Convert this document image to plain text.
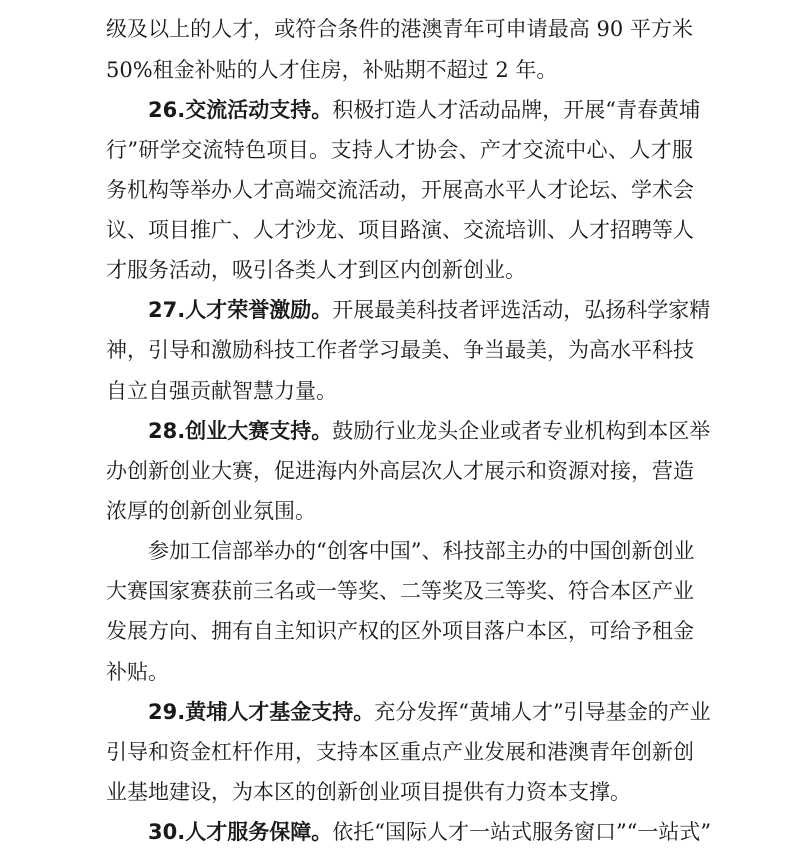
级及以上的人才，或符合条件的港澳青年可申请最高 90 平方米
50%租金补贴的人才住房，补贴期不超过 2 年。
26.交流活动支持。积极打造人才活动品牌，开展“青春黄埔
行”研学交流特色项目。支持人才协会、产才交流中心、人才服
务机构等举办人才高端交流活动，开展高水平人才论坛、学术会
议、项目推广、人才沙龙、项目路演、交流培训、人才招聘等人
才服务活动，吸引各类人才到区内创新创业。
27.人才荣誉激励。开展最美科技者评选活动，弘扬科学家精
神，引导和激励科技工作者学习最美、争当最美，为高水平科技
自立自强贡献智慧力量。
28.创业大赛支持。鼓励行业龙头企业或者专业机构到本区举
办创新创业大赛，促进海内外高层次人才展示和资源对接，营造
浓厚的创新创业氛围。
参加工信部举办的“创客中国”、科技部主办的中国创新创业
大赛国家赛获前三名或一等奖、二等奖及三等奖、符合本区产业
发展方向、拥有自主知识产权的区外项目落户本区，可给予租金
补贴。
29.黄埔人才基金支持。充分发挥“黄埔人才”引导基金的产业
引导和资金杠杆作用，支持本区重点产业发展和港澳青年创新创
业基地建设，为本区的创新创业项目提供有力资本支撑。
30.人才服务保障。依托“国际人才一站式服务窗口”“一站式”
